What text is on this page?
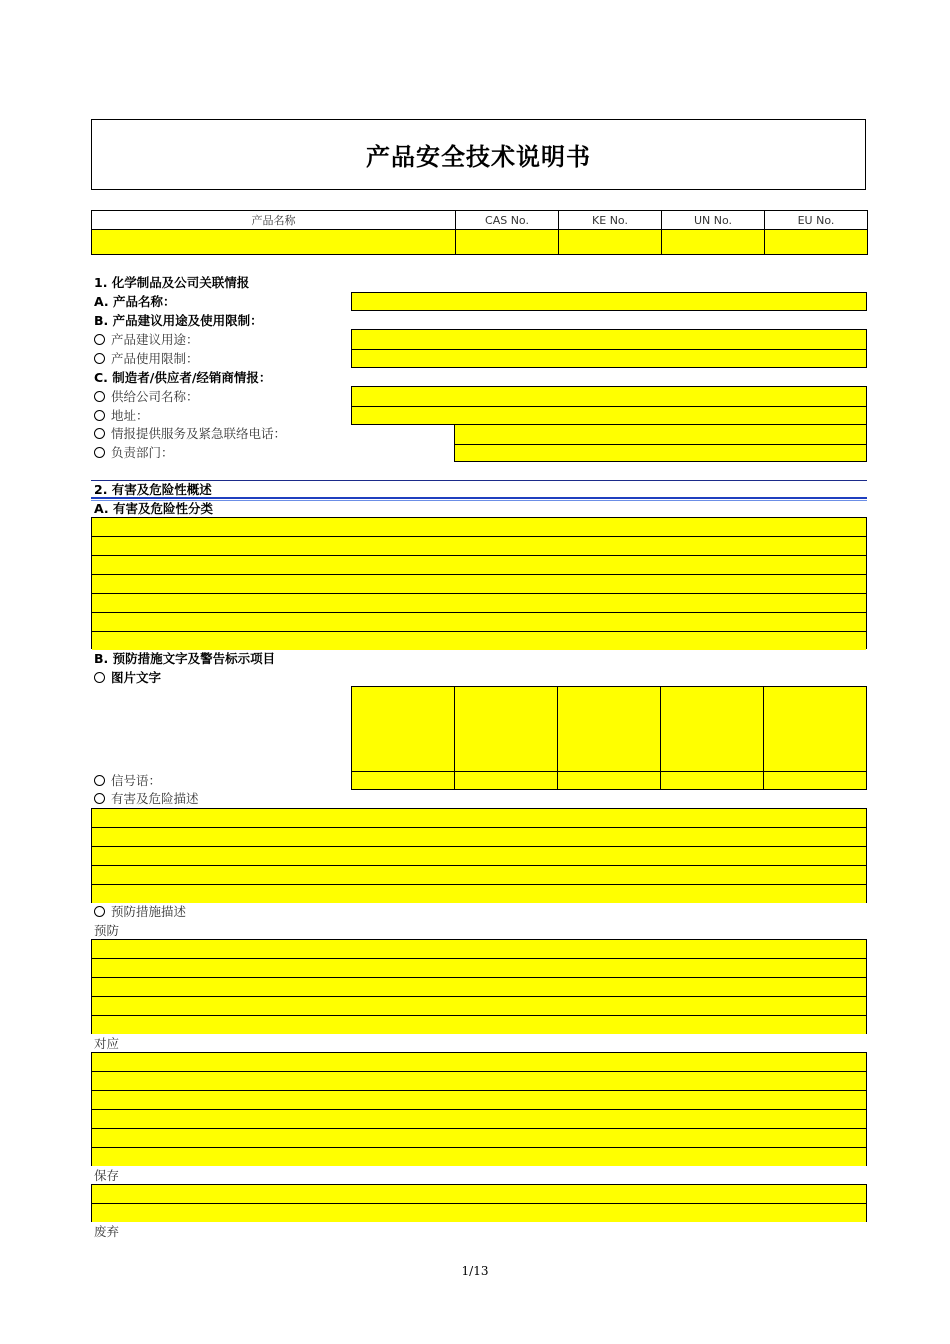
产品安全技术说明书
产品名称	CAS No.	KE No.	UN No.	EU No.

1. 化学制品及公司关联情报
A. 产品名称：
B. 产品建议用途及使用限制：
产品建议用途：
产品使用限制：
C. 制造者/供应者/经销商情报：
供给公司名称：
地址：
情报提供服务及紧急联络电话：
负责部门：
2. 有害及危险性概述
A. 有害及危险性分类
B. 预防措施文字及警告标示项目
图片文字
信号语：
有害及危险描述
预防措施描述
预防
对应
保存
废弃
1/13
